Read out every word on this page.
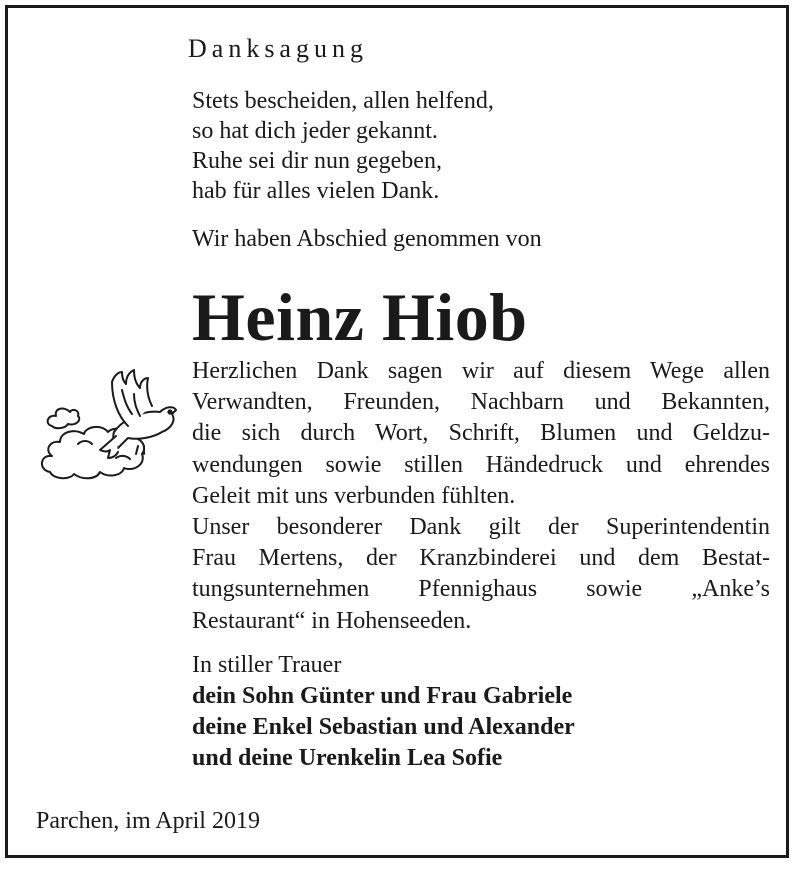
Danksagung

Stets bescheiden, allen helfend,
so hat dich jeder gekannt.
Ruhe sei dir nun gegeben,
hab für alles vielen Dank.

Wir haben Abschied genommen von

Heinz Hiob

Herzlichen Dank sagen wir auf diesem Wege allen
Verwandten, Freunden, Nachbarn und Bekannten,
die sich durch Wort, Schrift, Blumen und Geldzu-
wendungen sowie stillen Händedruck und ehrendes
Geleit mit uns verbunden fühlten.
Unser besonderer Dank gilt der Superintendentin
Frau Mertens, der Kranzbinderei und dem Bestat-
tungsunternehmen Pfennighaus sowie „Anke’s
Restaurant“ in Hohenseeden.
In stiller Trauer
dein Sohn Günter und Frau Gabriele
deine Enkel Sebastian und Alexander
und deine Urenkelin Lea Sofie

Parchen, im April 2019
